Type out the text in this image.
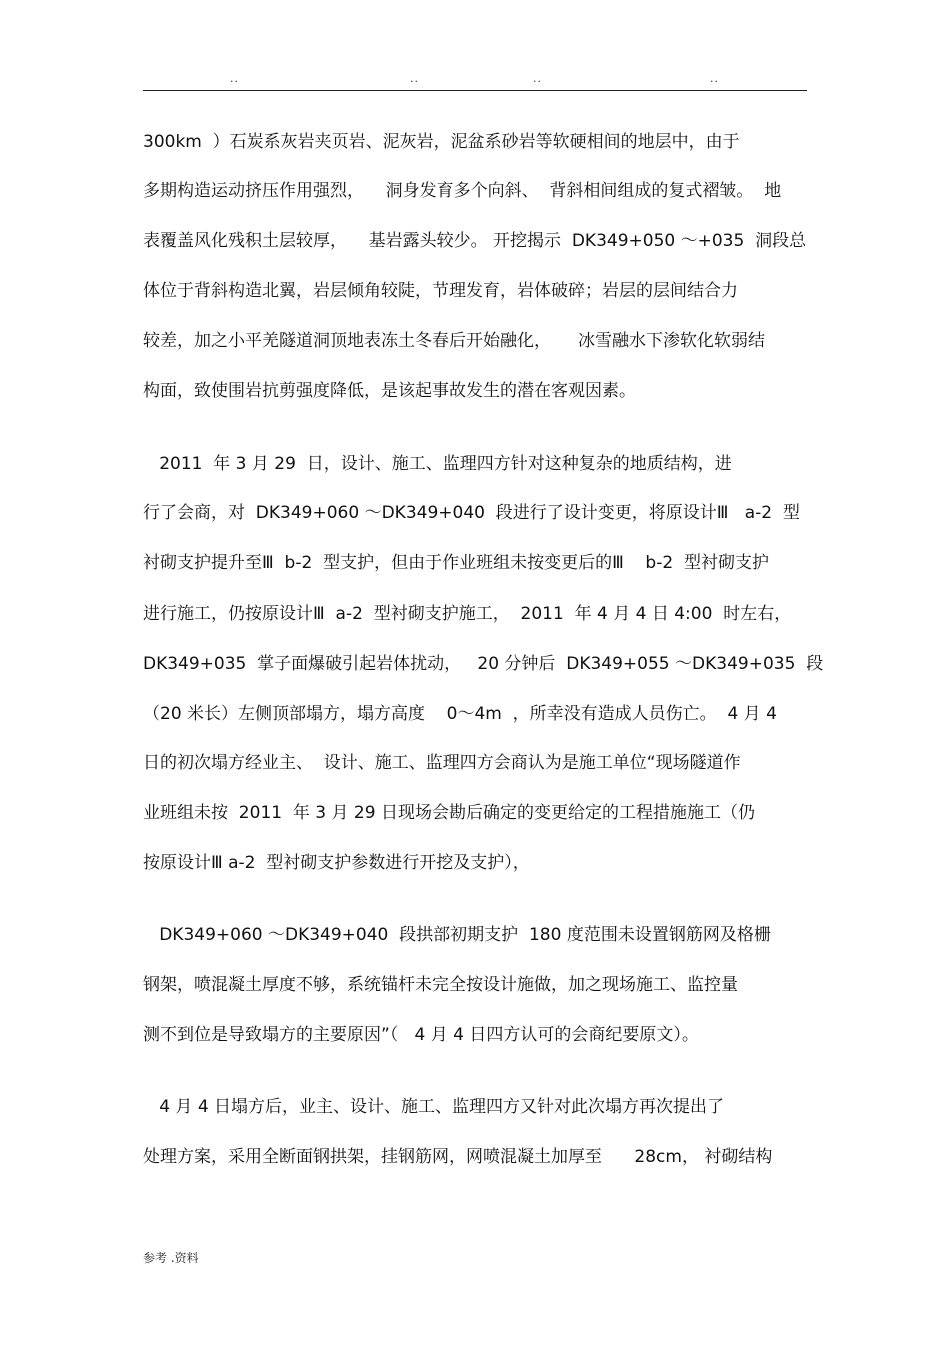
..	..	..	..
300km  ）石炭系灰岩夹页岩、泥灰岩，泥盆系砂岩等软硬相间的地层中，由于
多期构造运动挤压作用强烈，    洞身发育多个向斜、  背斜相间组成的复式褶皱。  地
表覆盖风化残积土层较厚，    基岩露头较少。 开挖揭示  DK349+050 ～+035  洞段总
体位于背斜构造北翼，岩层倾角较陡，节理发育，岩体破碎；岩层的层间结合力
较差，加之小平羌隧道洞顶地表冻土冬春后开始融化，     冰雪融水下渗软化软弱结
构面，致使围岩抗剪强度降低，是该起事故发生的潜在客观因素。
2011  年 3 月 29  日，设计、施工、监理四方针对这种复杂的地质结构，进
行了会商，对  DK349+060 ～DK349+040  段进行了设计变更，将原设计Ⅲ   a-2  型
衬砌支护提升至Ⅲ  b-2  型支护，但由于作业班组未按变更后的Ⅲ    b-2  型衬砌支护
进行施工，仍按原设计Ⅲ  a-2  型衬砌支护施工，  2011  年 4 月 4 日 4:00  时左右，
DK349+035  掌子面爆破引起岩体扰动，   20 分钟后  DK349+055 ～DK349+035  段
（20 米长）左侧顶部塌方，塌方高度    0～4m  ，所幸没有造成人员伤亡。  4 月 4
日的初次塌方经业主、  设计、施工、监理四方会商认为是施工单位“现场隧道作
业班组未按  2011  年 3 月 29 日现场会勘后确定的变更给定的工程措施施工（仍
按原设计Ⅲ a-2  型衬砌支护参数进行开挖及支护），
DK349+060 ～DK349+040  段拱部初期支护  180 度范围未设置钢筋网及格栅
钢架，喷混凝土厚度不够，系统锚杆未完全按设计施做，加之现场施工、监控量
测不到位是导致塌方的主要原因”（   4 月 4 日四方认可的会商纪要原文）。
4 月 4 日塌方后，业主、设计、施工、监理四方又针对此次塌方再次提出了
处理方案，采用全断面钢拱架，挂钢筋网，网喷混凝土加厚至      28cm， 衬砌结构
参考 .资料
